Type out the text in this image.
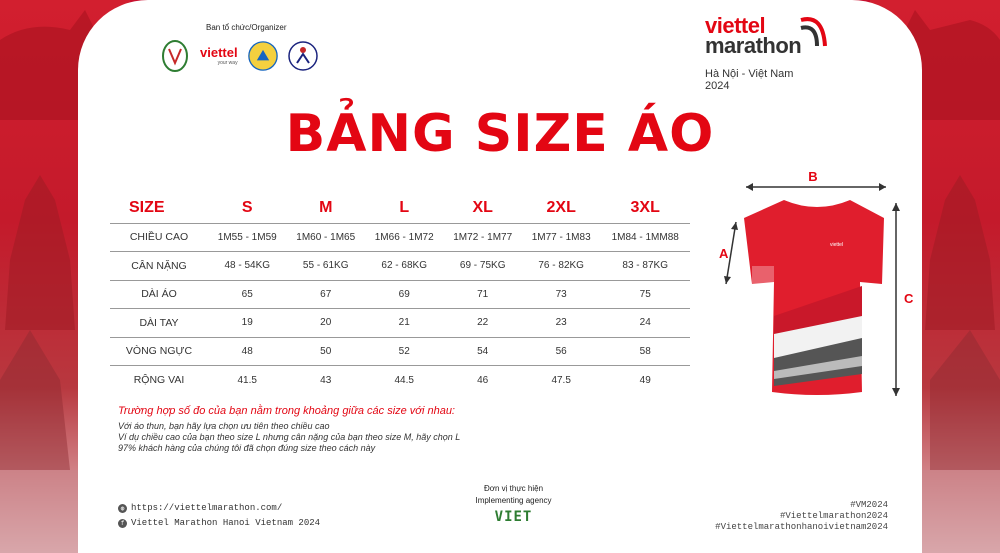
Ban tổ chức/Organizer
viettel
your way
viettel
marathon
Hà Nội - Việt Nam
2024
BẢNG SIZE ÁO
SIZE	S	M	L	XL	2XL	3XL
CHIỀU CAO	1M55 - 1M59	1M60 - 1M65	1M66 - 1M72	1M72 - 1M77	1M77 - 1M83	1M84 - 1MM88
CÂN NẶNG	48 - 54KG	55 - 61KG	62 - 68KG	69 - 75KG	76 - 82KG	83 - 87KG
DÀI ÁO	65	67	69	71	73	75
DÀI TAY	19	20	21	22	23	24
VÒNG NGỰC	48	50	52	54	56	58
RỘNG VAI	41.5	43	44.5	46	47.5	49
B
A
C
viettel
Trường hợp số đo của bạn nằm trong khoảng giữa các size với nhau:
Với áo thun, bạn hãy lựa chọn ưu tiên theo chiều cao
Ví dụ chiều cao của bạn theo size L nhưng cân nặng của bạn theo size M, hãy chọn L
97% khách hàng của chúng tôi đã chọn đúng size theo cách này
◍ https://viettelmarathon.com/
f Viettel Marathon Hanoi Vietnam 2024
Đơn vị thực hiện
Implementing agency
VIET
#VM2024
#Viettelmarathon2024
#Viettelmarathonhanoivietnam2024
